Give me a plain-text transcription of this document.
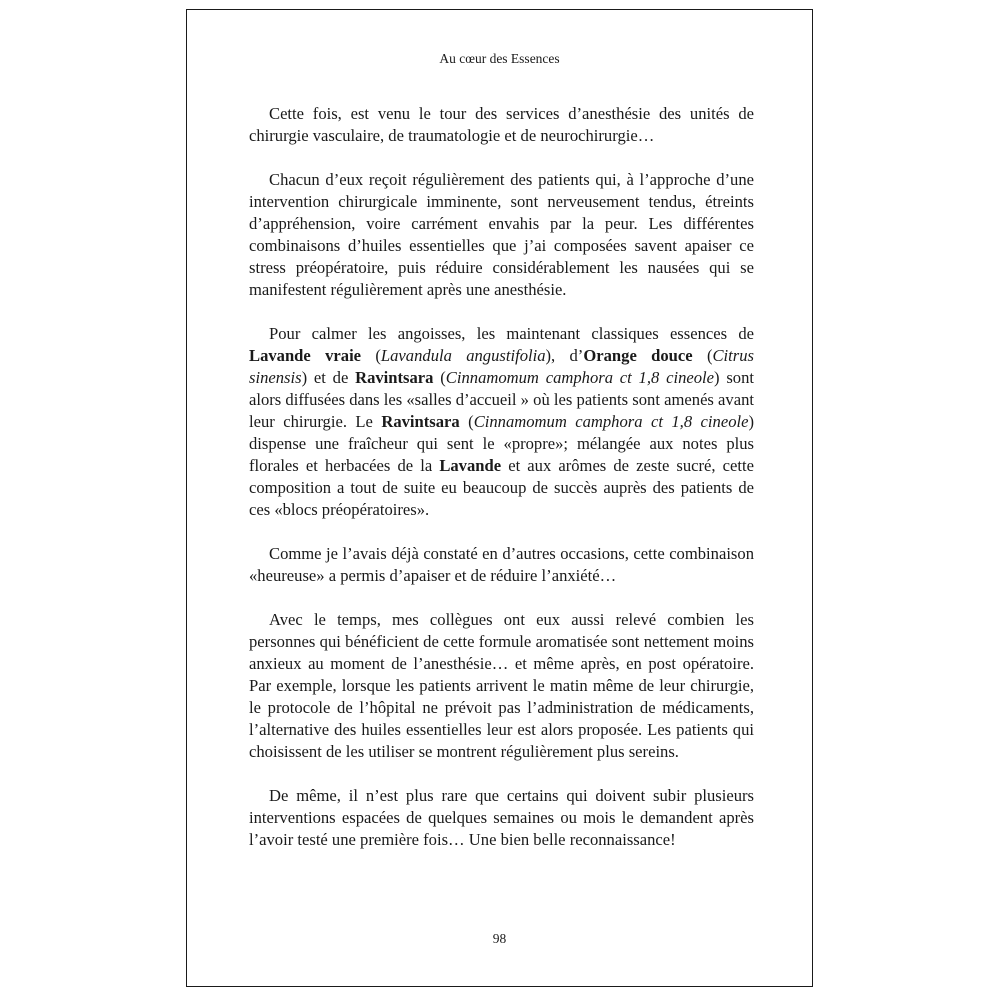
Au cœur des Essences

Cette fois, est venu le tour des services d’anesthésie des unités de chirurgie vasculaire, de traumatologie et de neurochirurgie…

Chacun d’eux reçoit régulièrement des patients qui, à l’approche d’une intervention chirurgicale imminente, sont nerveusement tendus, étreints d’appréhension, voire carrément envahis par la peur. Les différentes combinaisons d’huiles essentielles que j’ai composées savent apaiser ce stress préopératoire, puis réduire considérablement les nausées qui se manifestent régulièrement après une anesthésie.

Pour calmer les angoisses, les maintenant classiques essences de Lavande vraie (Lavandula angustifolia), d’Orange douce (Citrus sinensis) et de Ravintsara (Cinnamomum camphora ct 1,8 cineole) sont alors diffusées dans les «salles d’accueil » où les patients sont amenés avant leur chirurgie. Le Ravintsara (Cinnamomum camphora ct 1,8 cineole) dispense une fraîcheur qui sent le «propre»; mélangée aux notes plus florales et herbacées de la Lavande et aux arômes de zeste sucré, cette composition a tout de suite eu beaucoup de succès auprès des patients de ces «blocs préopératoires».

Comme je l’avais déjà constaté en d’autres occasions, cette combinaison «heureuse» a permis d’apaiser et de réduire l’anxiété…

Avec le temps, mes collègues ont eux aussi relevé combien les personnes qui bénéficient de cette formule aromatisée sont nettement moins anxieux au moment de l’anesthésie… et même après, en post opératoire. Par exemple, lorsque les patients arrivent le matin même de leur chirurgie, le protocole de l’hôpital ne prévoit pas l’administration de médicaments, l’alternative des huiles essentielles leur est alors proposée. Les patients qui choisissent de les utiliser se montrent régulièrement plus sereins.

De même, il n’est plus rare que certains qui doivent subir plusieurs interventions espacées de quelques semaines ou mois le demandent après l’avoir testé une première fois… Une bien belle reconnaissance!

98
